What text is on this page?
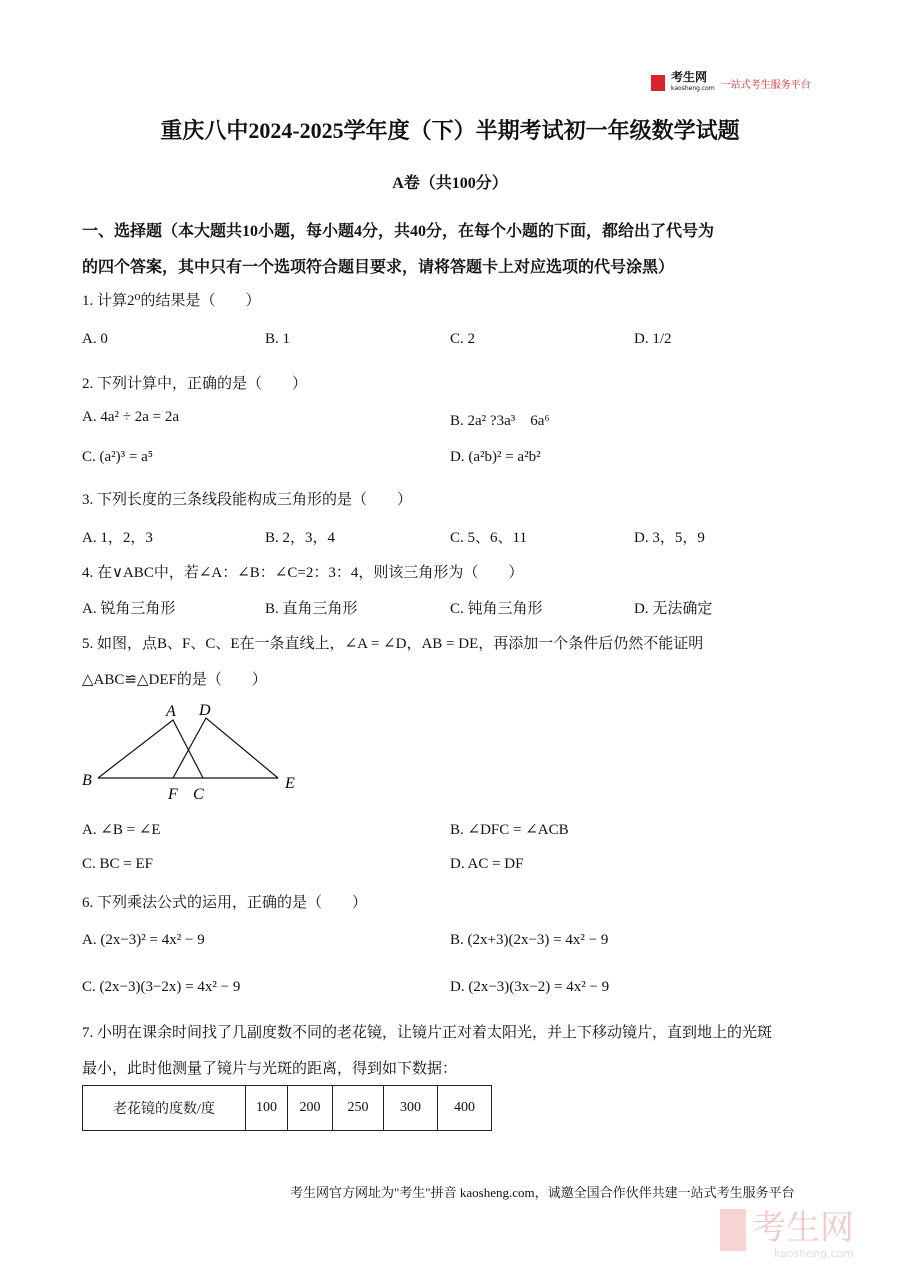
考生网
kaosheng.com 一站式考生服务平台
重庆八中2024-2025学年度（下）半期考试初一年级数学试题
A卷（共100分）
一、选择题（本大题共10小题，每小题4分，共40分，在每个小题的下面，都给出了代号为
的四个答案，其中只有一个选项符合题目要求，请将答题卡上对应选项的代号涂黑）
1. 计算2⁰的结果是（　　）
A. 0	B. 1	C. 2	D. 1/2
2. 下列计算中，正确的是（　　）
A. 4a² ÷ 2a = 2a	B. 2a² ?3a³　6a⁶
C. (a²)³ = a⁵	D. (a²b)² = a²b²
3. 下列长度的三条线段能构成三角形的是（　　）
A. 1，2，3	B. 2，3，4	C. 5、6、11	D. 3，5，9
4. 在∨ABC中，若∠A：∠B：∠C=2：3：4，则该三角形为（　　）
A. 锐角三角形	B. 直角三角形	C. 钝角三角形	D. 无法确定
5. 如图，点B、F、C、E在一条直线上，∠A = ∠D，AB = DE，再添加一个条件后仍然不能证明
△ABC≌△DEF的是（　　）
A D
B	E
F C
A. ∠B = ∠E	B. ∠DFC = ∠ACB
C. BC = EF	D. AC = DF
6. 下列乘法公式的运用，正确的是（　　）
A. (2x−3)² = 4x² − 9	B. (2x+3)(2x−3) = 4x² − 9
C. (2x−3)(3−2x) = 4x² − 9	D. (2x−3)(3x−2) = 4x² − 9
7. 小明在课余时间找了几副度数不同的老花镜，让镜片正对着太阳光，并上下移动镜片，直到地上的光斑
最小，此时他测量了镜片与光斑的距离，得到如下数据：
老花镜的度数/度	100	200	250	300	400
考生网官方网址为"考生"拼音 kaosheng.com，诚邀全国合作伙伴共建一站式考生服务平台
考生网
kaosheng.com
